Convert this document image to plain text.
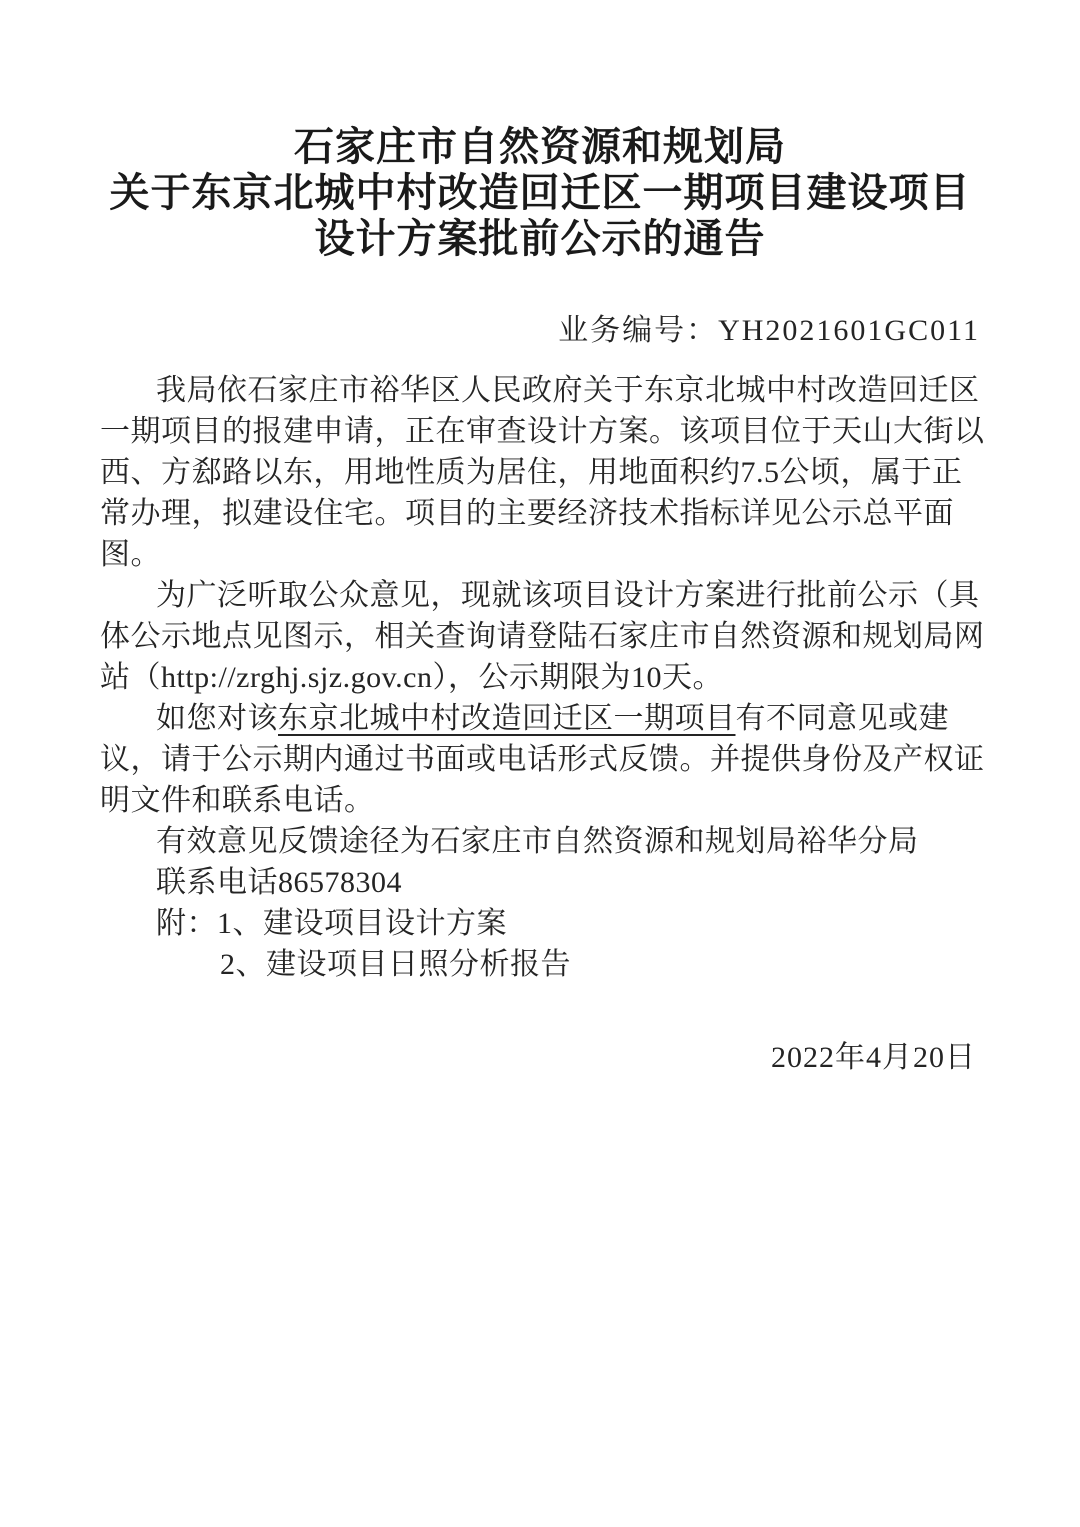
石家庄市自然资源和规划局
关于东京北城中村改造回迁区一期项目建设项目
设计方案批前公示的通告
业务编号：YH2021601GC011
我局依石家庄市裕华区人民政府关于东京北城中村改造回迁区
一期项目的报建申请，正在审查设计方案。该项目位于天山大街以
西、方郄路以东，用地性质为居住，用地面积约7.5公顷，属于正
常办理，拟建设住宅。项目的主要经济技术指标详见公示总平面
图。
为广泛听取公众意见，现就该项目设计方案进行批前公示（具
体公示地点见图示，相关查询请登陆石家庄市自然资源和规划局网
站（http://zrghj.sjz.gov.cn），公示期限为10天。
如您对该东京北城中村改造回迁区一期项目有不同意见或建
议，请于公示期内通过书面或电话形式反馈。并提供身份及产权证
明文件和联系电话。
有效意见反馈途径为石家庄市自然资源和规划局裕华分局
联系电话86578304
附：1、建设项目设计方案
2、建设项目日照分析报告
2022年4月20日
